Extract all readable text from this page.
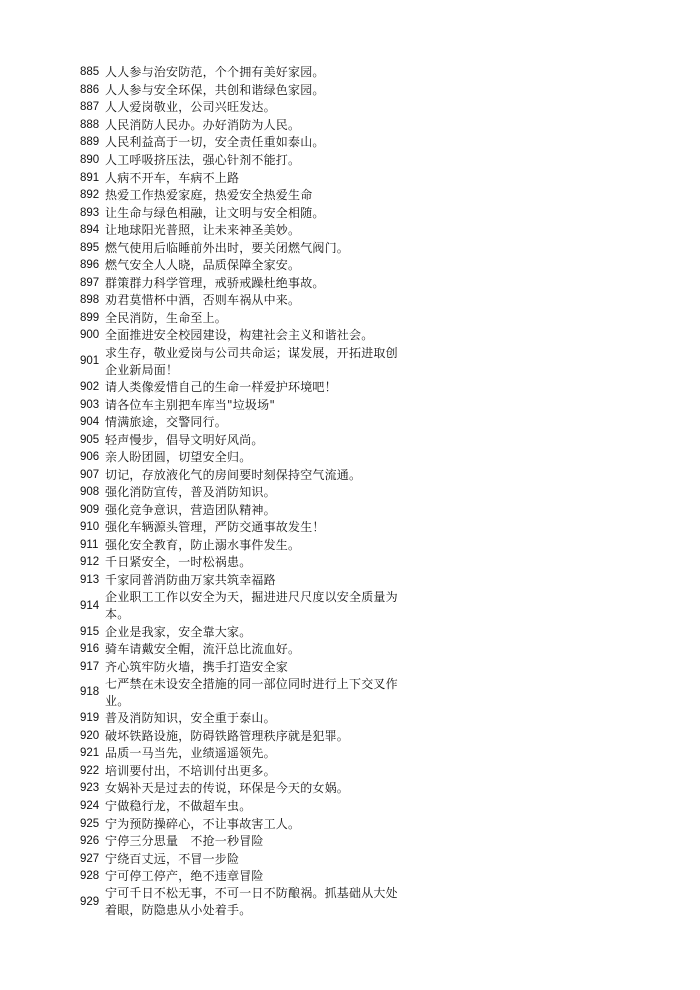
885 人人参与治安防范，个个拥有美好家园。
886 人人参与安全环保，共创和谐绿色家园。
887 人人爱岗敬业，公司兴旺发达。
888 人民消防人民办。办好消防为人民。
889 人民利益高于一切，安全责任重如泰山。
890 人工呼吸挤压法，强心针剂不能打。
891 人病不开车，车病不上路
892 热爱工作热爱家庭，热爱安全热爱生命
893 让生命与绿色相融，让文明与安全相随。
894 让地球阳光普照，让未来神圣美妙。
895 燃气使用后临睡前外出时，要关闭燃气阀门。
896 燃气安全人人晓，品质保障全家安。
897 群策群力科学管理，戒骄戒躁杜绝事故。
898 劝君莫惜杯中酒，否则车祸从中来。
899 全民消防，生命至上。
900 全面推进安全校园建设，构建社会主义和谐社会。
901
求生存，敬业爱岗与公司共命运；谋发展，开拓进取创企业新局面！
902 请人类像爱惜自己的生命一样爱护环境吧！
903 请各位车主别把车库当"垃圾场"
904 情满旅途，交警同行。
905 轻声慢步，倡导文明好风尚。
906 亲人盼团圆，切望安全归。
907 切记，存放液化气的房间要时刻保持空气流通。
908 强化消防宣传，普及消防知识。
909 强化竞争意识，营造团队精神。
910 强化车辆源头管理，严防交通事故发生！
911 强化安全教育，防止溺水事件发生。
912 千日紧安全，一时松祸患。
913 千家同普消防曲万家共筑幸福路
914
企业职工工作以安全为天，掘进进尺尺度以安全质量为本。
915 企业是我家，安全靠大家。
916 骑车请戴安全帽，流汗总比流血好。
917 齐心筑牢防火墙，携手打造安全家
918
七严禁在未设安全措施的同一部位同时进行上下交叉作业。
919 普及消防知识，安全重于泰山。
920 破坏铁路设施，防碍铁路管理秩序就是犯罪。
921 品质一马当先，业绩遥遥领先。
922 培训要付出，不培训付出更多。
923 女娲补天是过去的传说，环保是今天的女娲。
924 宁做稳行龙，不做超车虫。
925 宁为预防操碎心，不让事故害工人。
926 宁停三分思量　不抢一秒冒险
927 宁绕百丈远，不冒一步险
928 宁可停工停产，绝不违章冒险
929
宁可千日不松无事，不可一日不防酿祸。抓基础从大处着眼，防隐患从小处着手。
